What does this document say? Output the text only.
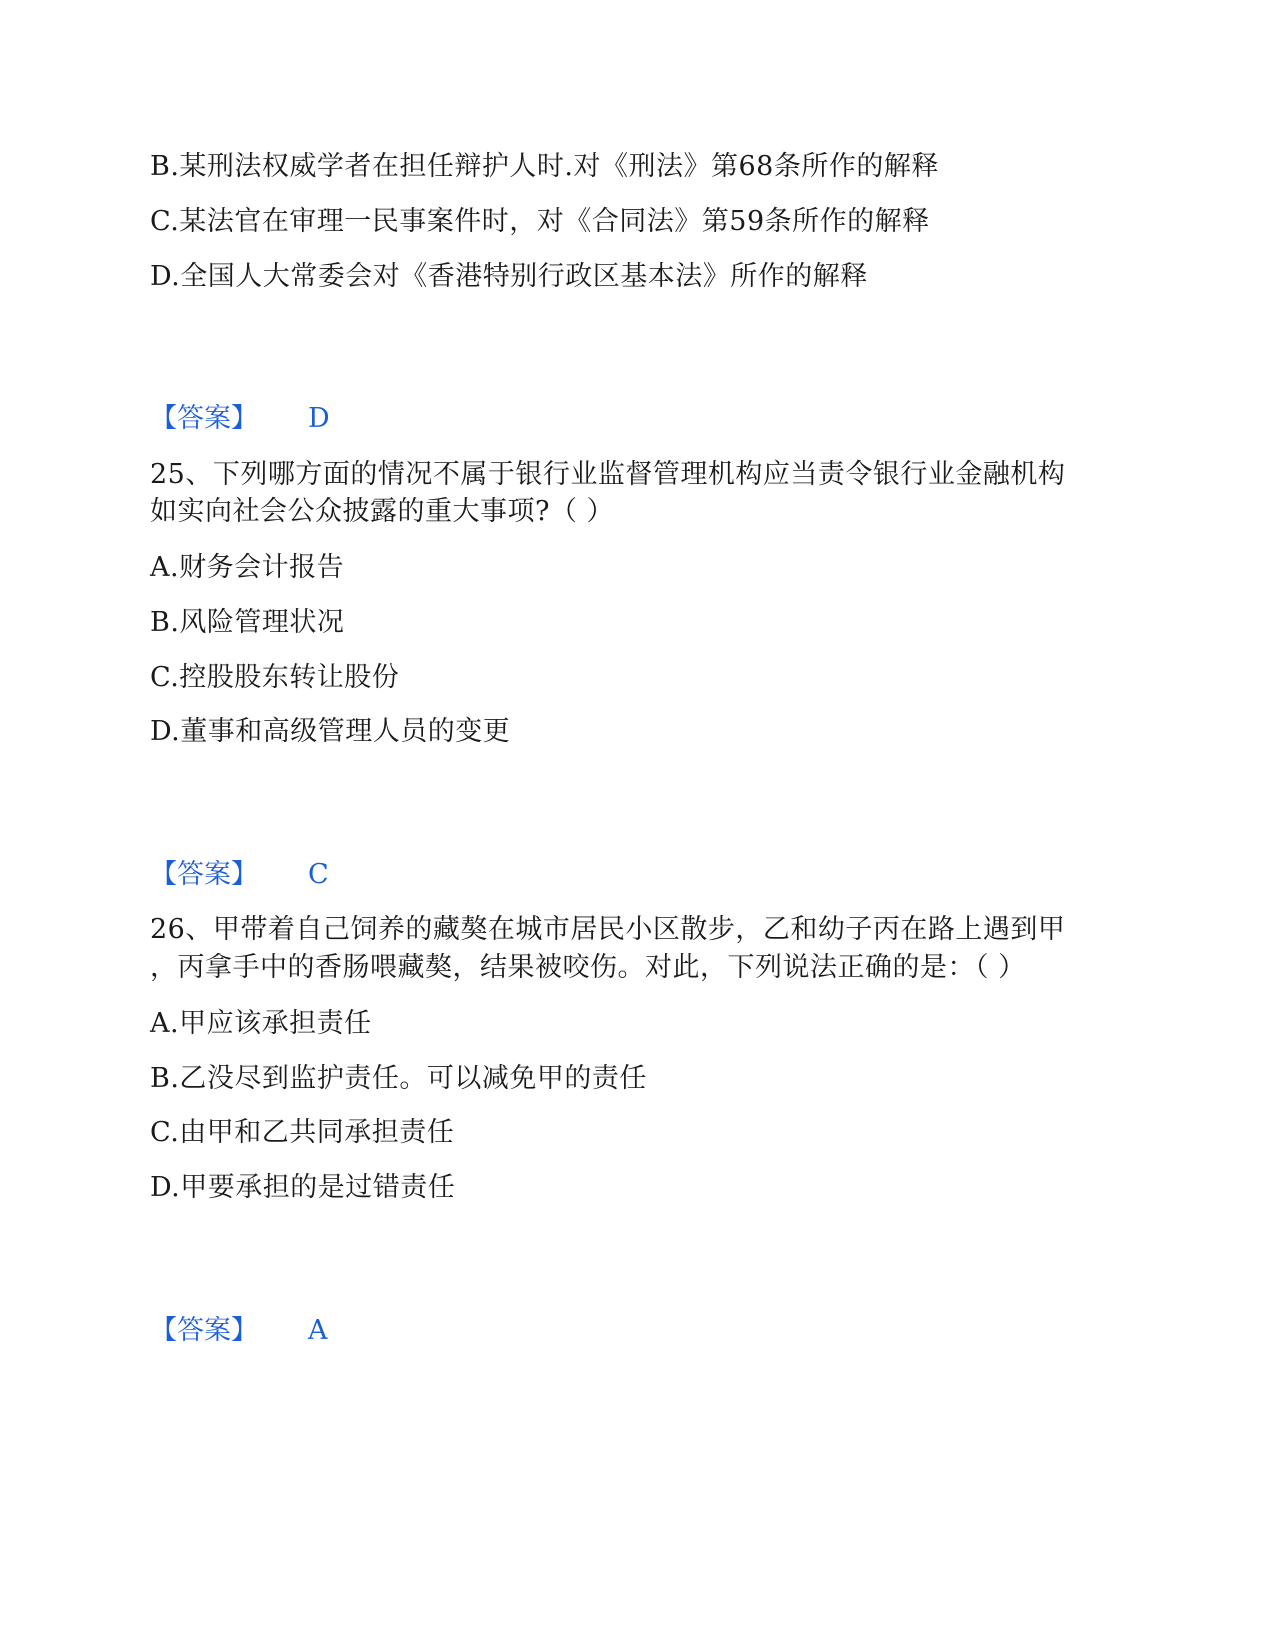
B.某刑法权威学者在担任辩护人时.对《刑法》第68条所作的解释
C.某法官在审理一民事案件时，对《合同法》第59条所作的解释
D.全国人大常委会对《香港特别行政区基本法》所作的解释
【答案】 D
25、下列哪方面的情况不属于银行业监督管理机构应当责令银行业金融机构
如实向社会公众披露的重大事项?（ ）
A.财务会计报告
B.风险管理状况
C.控股股东转让股份
D.董事和高级管理人员的变更
【答案】 C
26、甲带着自己饲养的藏獒在城市居民小区散步，乙和幼子丙在路上遇到甲
，丙拿手中的香肠喂藏獒，结果被咬伤。对此，下列说法正确的是：（ ）
A.甲应该承担责任
B.乙没尽到监护责任。可以减免甲的责任
C.由甲和乙共同承担责任
D.甲要承担的是过错责任
【答案】 A
